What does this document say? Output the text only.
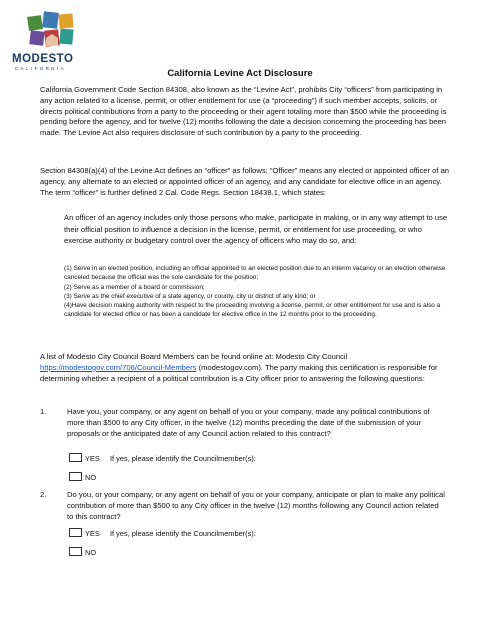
MODESTO
CALIFORNIA	California Levine Act Disclosure

California Government Code Section 84308, also known as the “Levine Act”, prohibits City “officers” from participating in any action related to a license, permit, or other entitlement for use (a “proceeding”) if such member accepts, solicits, or directs political contributions from a party to the proceeding or their agent totaling more than $500 while the proceeding is pending before the agency, and for twelve (12) months following the date a decision concerning the proceeding has been made. The Levine Act also requires disclosure of such contribution by a party to the proceeding.

Section 84308(a)(4) of the Levine Act defines an “officer” as follows: “Officer” means any elected or appointed officer of an agency, any alternate to an elected or appointed officer of an agency, and any candidate for elective office in an agency. The term “officer” is further defined 2 Cal. Code Regs. Section 18438.1, which states:

An officer of an agency includes only those persons who make, participate in making, or in any way attempt to use their official position to influence a decision in the license, permit, or entitlement for use proceeding, or who exercise authority or budgetary control over the agency of officers who may do so, and:

(1) Serve in an elected position, including an official appointed to an elected position due to an interim vacancy or an election otherwise canceled because the official was the sole candidate for the position;
(2) Serve as a member of a board or commission;
(3) Serve as the chief executive of a state agency, or county, city or district of any kind; or
(4)Have decision making authority with respect to the proceeding involving a license, permit, or other entitlement for use and is also a candidate for elected office or has been a candidate for elective office in the 12 months prior to the proceeding.

A list of Modesto City Council Board Members can be found online at: Modesto City Council
https://modestogov.com/706/Council-Members (modestogov.com). The party making this certification is responsible for determining whether a recipient of a political contribution is a City officer prior to answering the following questions:

1.	Have you, your company, or any agent on behalf of you or your company, made any political contributions of more than $500 to any City officer, in the twelve (12) months preceding the date of the submission of your proposals or the anticipated date of any Council action related to this contract?

YES If yes, please identify the Councilmember(s):
NO
2.	Do you, or your company, or any agent on behalf of you or your company, anticipate or plan to make any political contribution of more than $500 to any City officer in the twelve (12) months following any Council action related to this contract?

YES If yes, please identify the Councilmember(s):
NO
